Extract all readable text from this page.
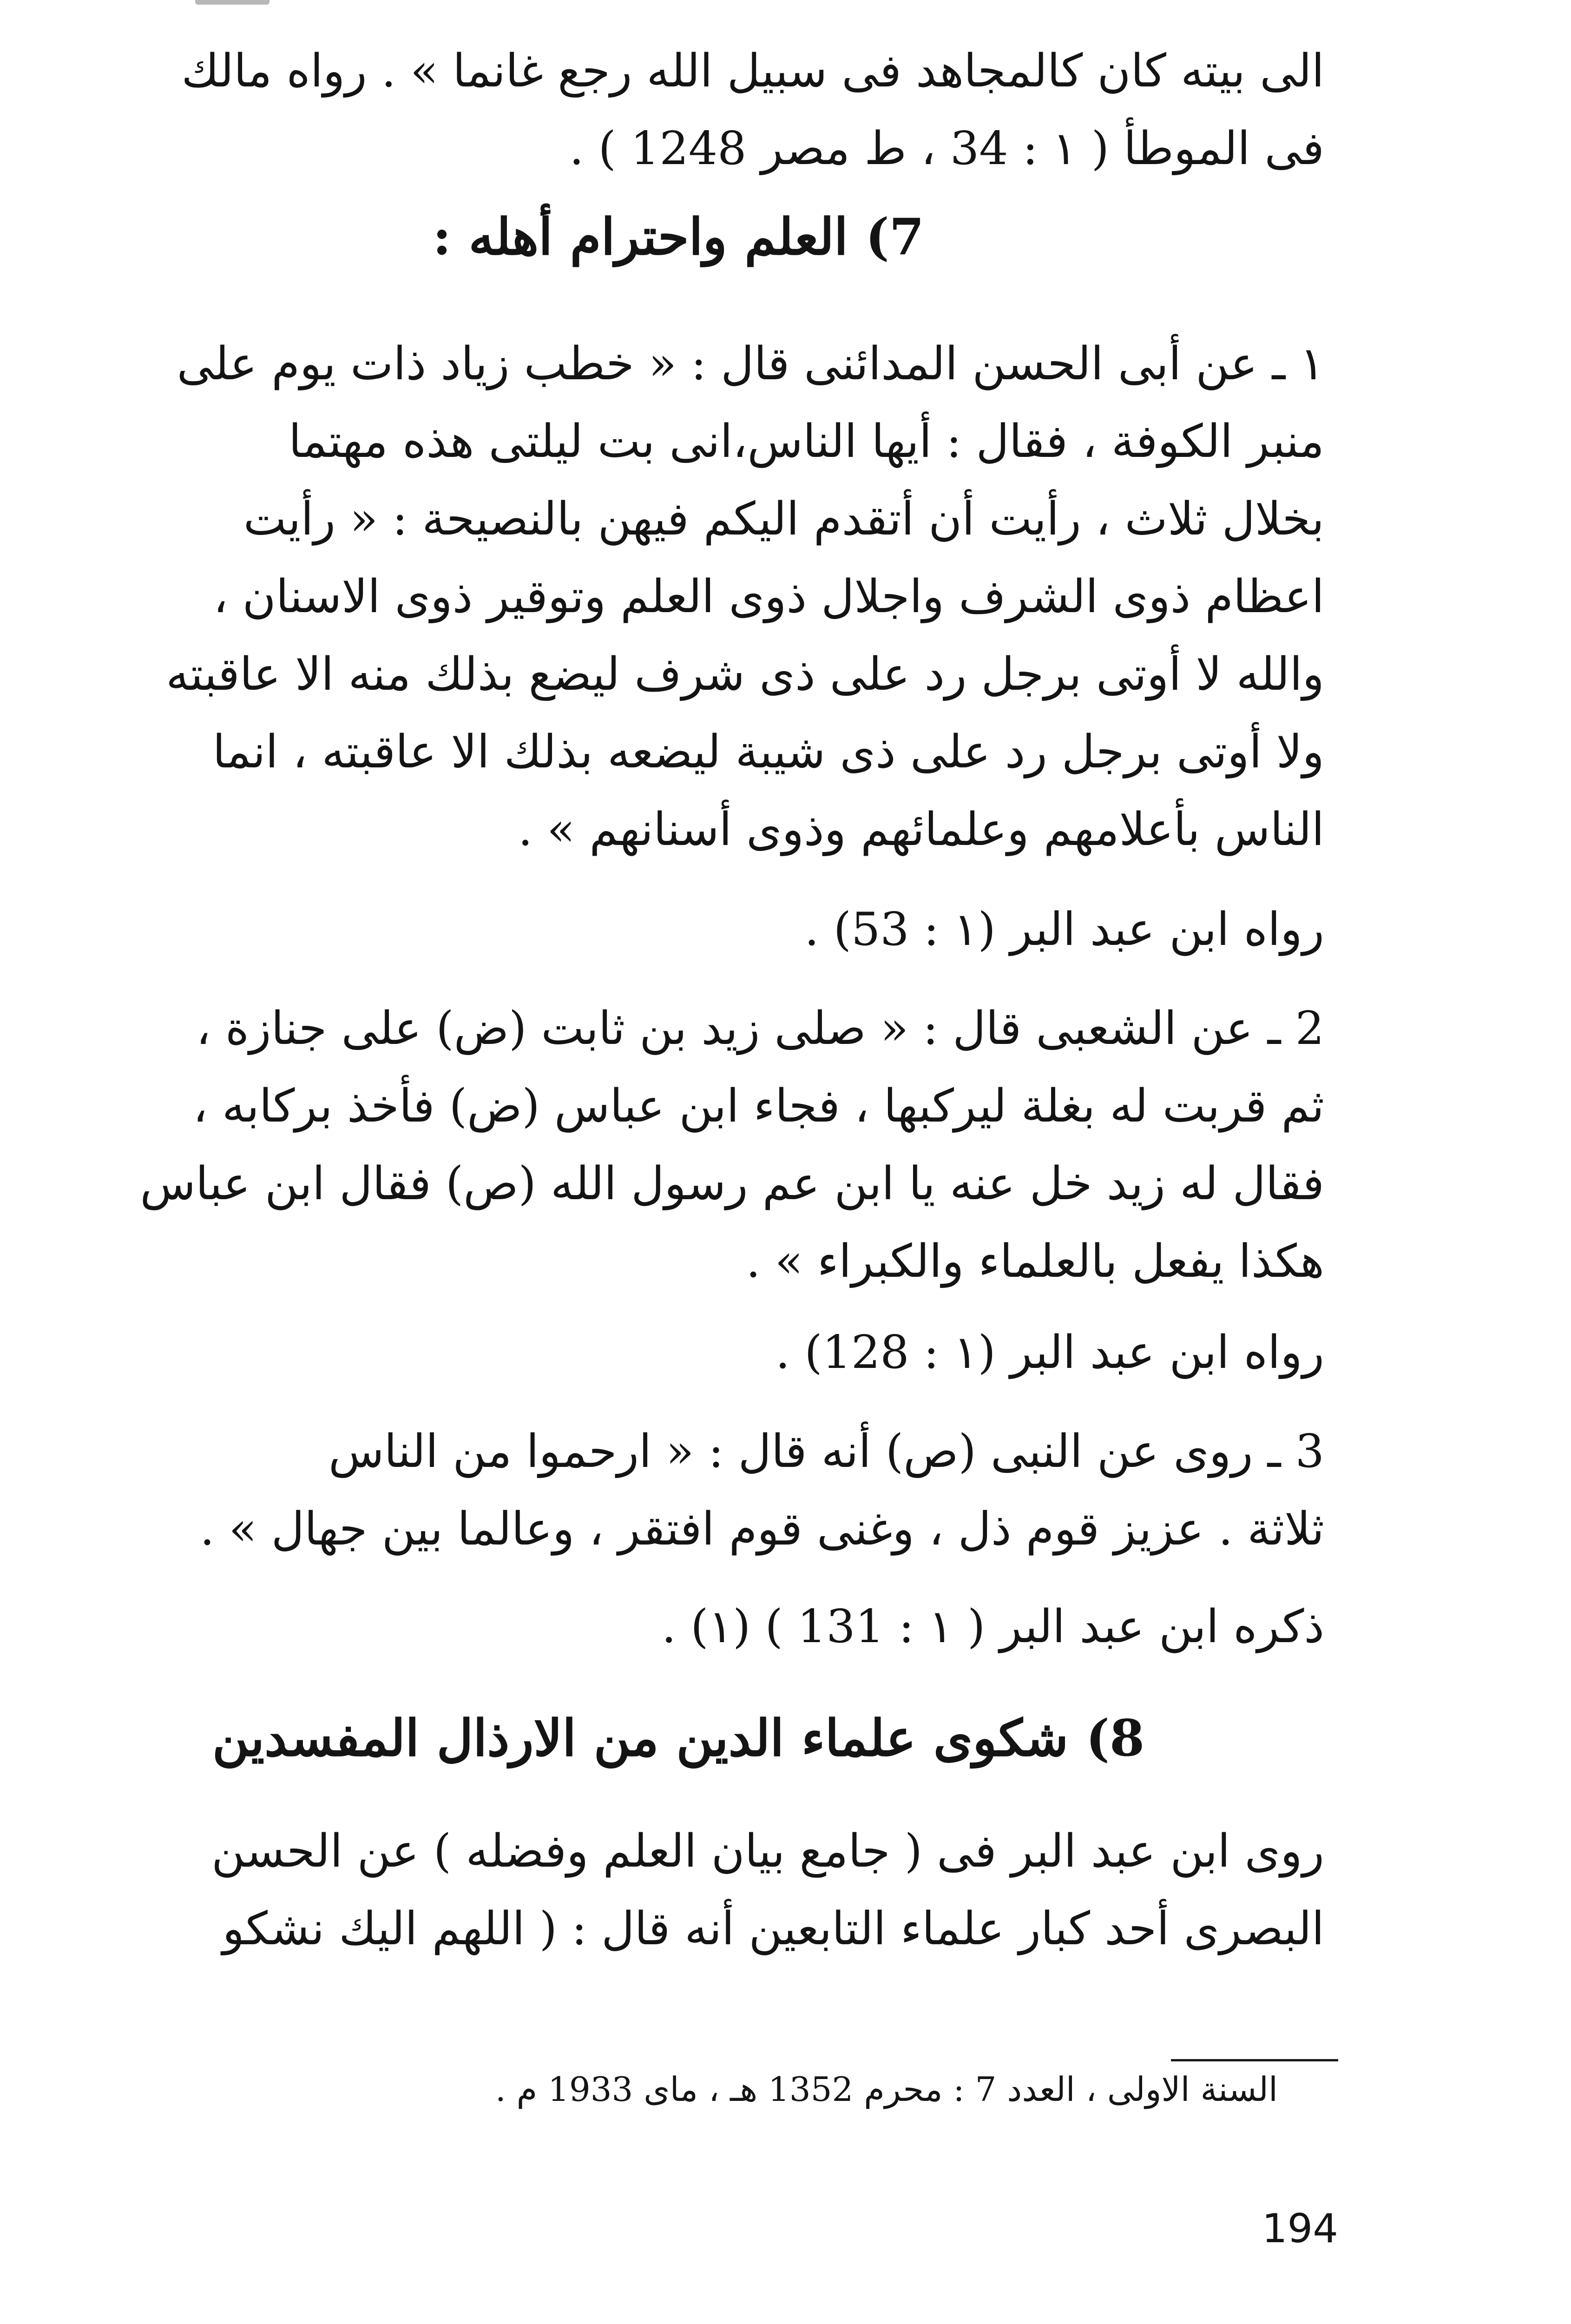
الى بيته كان كالمجاهد فى سبيل الله رجع غانما » . رواه مالك
فى الموطأ ( ١ : 34 ، ط مصر 1248 ) .
7) العلم واحترام أهله :
١ ـ عن أبى الحسن المدائنى قال : « خطب زياد ذات يوم على
منبر الكوفة ، فقال : أيها الناس،انى بت ليلتى هذه مهتما
بخلال ثلاث ، رأيت أن أتقدم اليكم فيهن بالنصيحة : « رأيت
اعظام ذوى الشرف واجلال ذوى العلم وتوقير ذوى الاسنان ،
والله لا أوتى برجل رد على ذى شرف ليضع بذلك منه الا عاقبته
ولا أوتى برجل رد على ذى شيبة ليضعه بذلك الا عاقبته ، انما
الناس بأعلامهم وعلمائهم وذوى أسنانهم » .
رواه ابن عبد البر (١ : 53) .
2 ـ عن الشعبى قال : « صلى زيد بن ثابت (ض) على جنازة ،
ثم قربت له بغلة ليركبها ، فجاء ابن عباس (ض) فأخذ بركابه ،
فقال له زيد خل عنه يا ابن عم رسول الله (ص) فقال ابن عباس
هكذا يفعل بالعلماء والكبراء » .
رواه ابن عبد البر (١ : 128) .
3 ـ روى عن النبى (ص) أنه قال : « ارحموا من الناس
ثلاثة . عزيز قوم ذل ، وغنى قوم افتقر ، وعالما بين جهال » .
ذكره ابن عبد البر ( ١ : 131 ) (١) .
8) شكوى علماء الدين من الارذال المفسدين
روى ابن عبد البر فى ( جامع بيان العلم وفضله ) عن الحسن
البصرى أحد كبار علماء التابعين أنه قال : ( اللهم اليك نشكو
السنة الاولى ، العدد 7 : محرم 1352 هـ ، ماى 1933 م .
194
